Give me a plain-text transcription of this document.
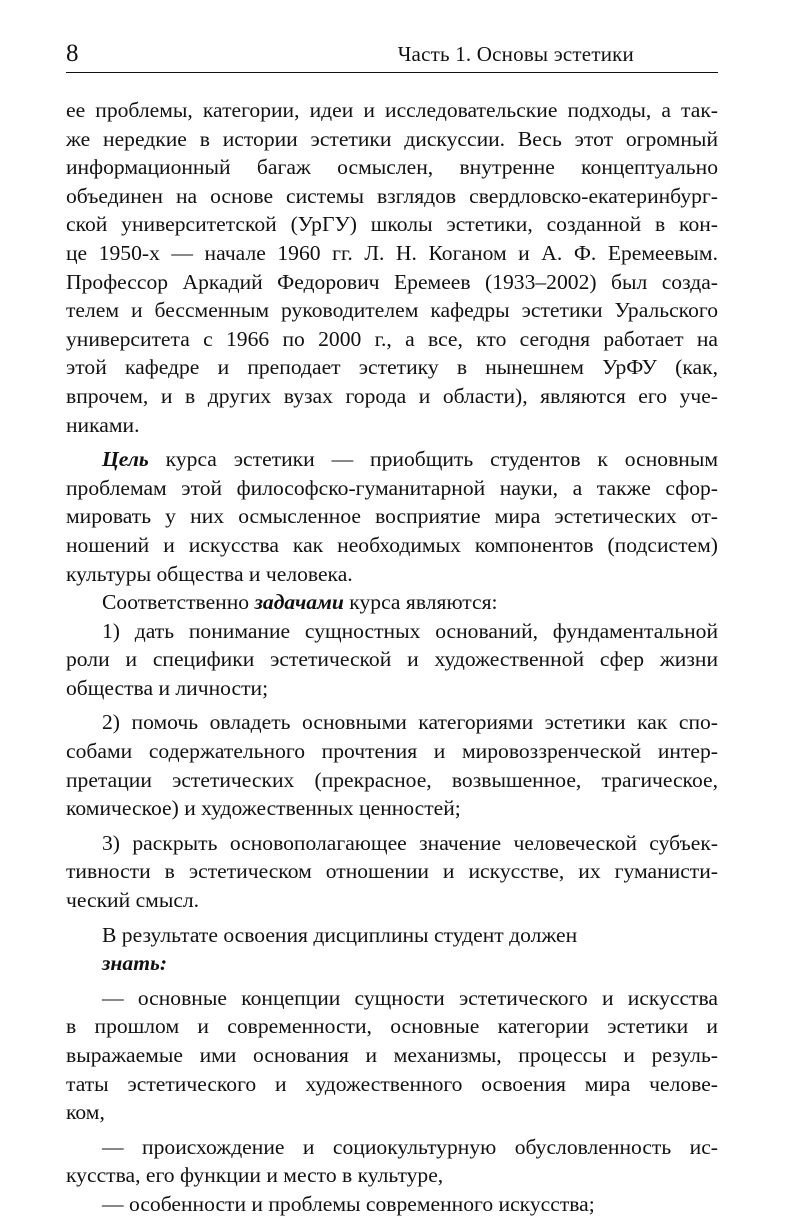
8	Часть 1. Основы эстетики
ее проблемы, категории, идеи и исследовательские подходы, а так-
же нередкие в истории эстетики дискуссии. Весь этот огромный
информационный багаж осмыслен, внутренне концептуально
объединен на основе системы взглядов свердловско-екатеринбург-
ской университетской (УрГУ) школы эстетики, созданной в кон-
це 1950-х — начале 1960 гг. Л. Н. Коганом и А. Ф. Еремеевым.
Профессор Аркадий Федорович Еремеев (1933–2002) был созда-
телем и бессменным руководителем кафедры эстетики Уральского
университета с 1966 по 2000 г., а все, кто сегодня работает на
этой кафедре и преподает эстетику в нынешнем УрФУ (как,
впрочем, и в других вузах города и области), являются его уче-
никами.
Цель курса эстетики — приобщить студентов к основным
проблемам этой философско-гуманитарной науки, а также сфор-
мировать у них осмысленное восприятие мира эстетических от-
ношений и искусства как необходимых компонентов (подсистем)
культуры общества и человека.
Соответственно задачами курса являются:
1) дать понимание сущностных оснований, фундаментальной
роли и специфики эстетической и художественной сфер жизни
общества и личности;
2) помочь овладеть основными категориями эстетики как спо-
собами содержательного прочтения и мировоззренческой интер-
претации эстетических (прекрасное, возвышенное, трагическое,
комическое) и художественных ценностей;
3) раскрыть основополагающее значение человеческой субъек-
тивности в эстетическом отношении и искусстве, их гуманисти-
ческий смысл.
В результате освоения дисциплины студент должен
знать:
— основные концепции сущности эстетического и искусства
в прошлом и современности, основные категории эстетики и
выражаемые ими основания и механизмы, процессы и резуль-
таты эстетического и художественного освоения мира челове-
ком,
— происхождение и социокультурную обусловленность ис-
кусства, его функции и место в культуре,
— особенности и проблемы современного искусства;
